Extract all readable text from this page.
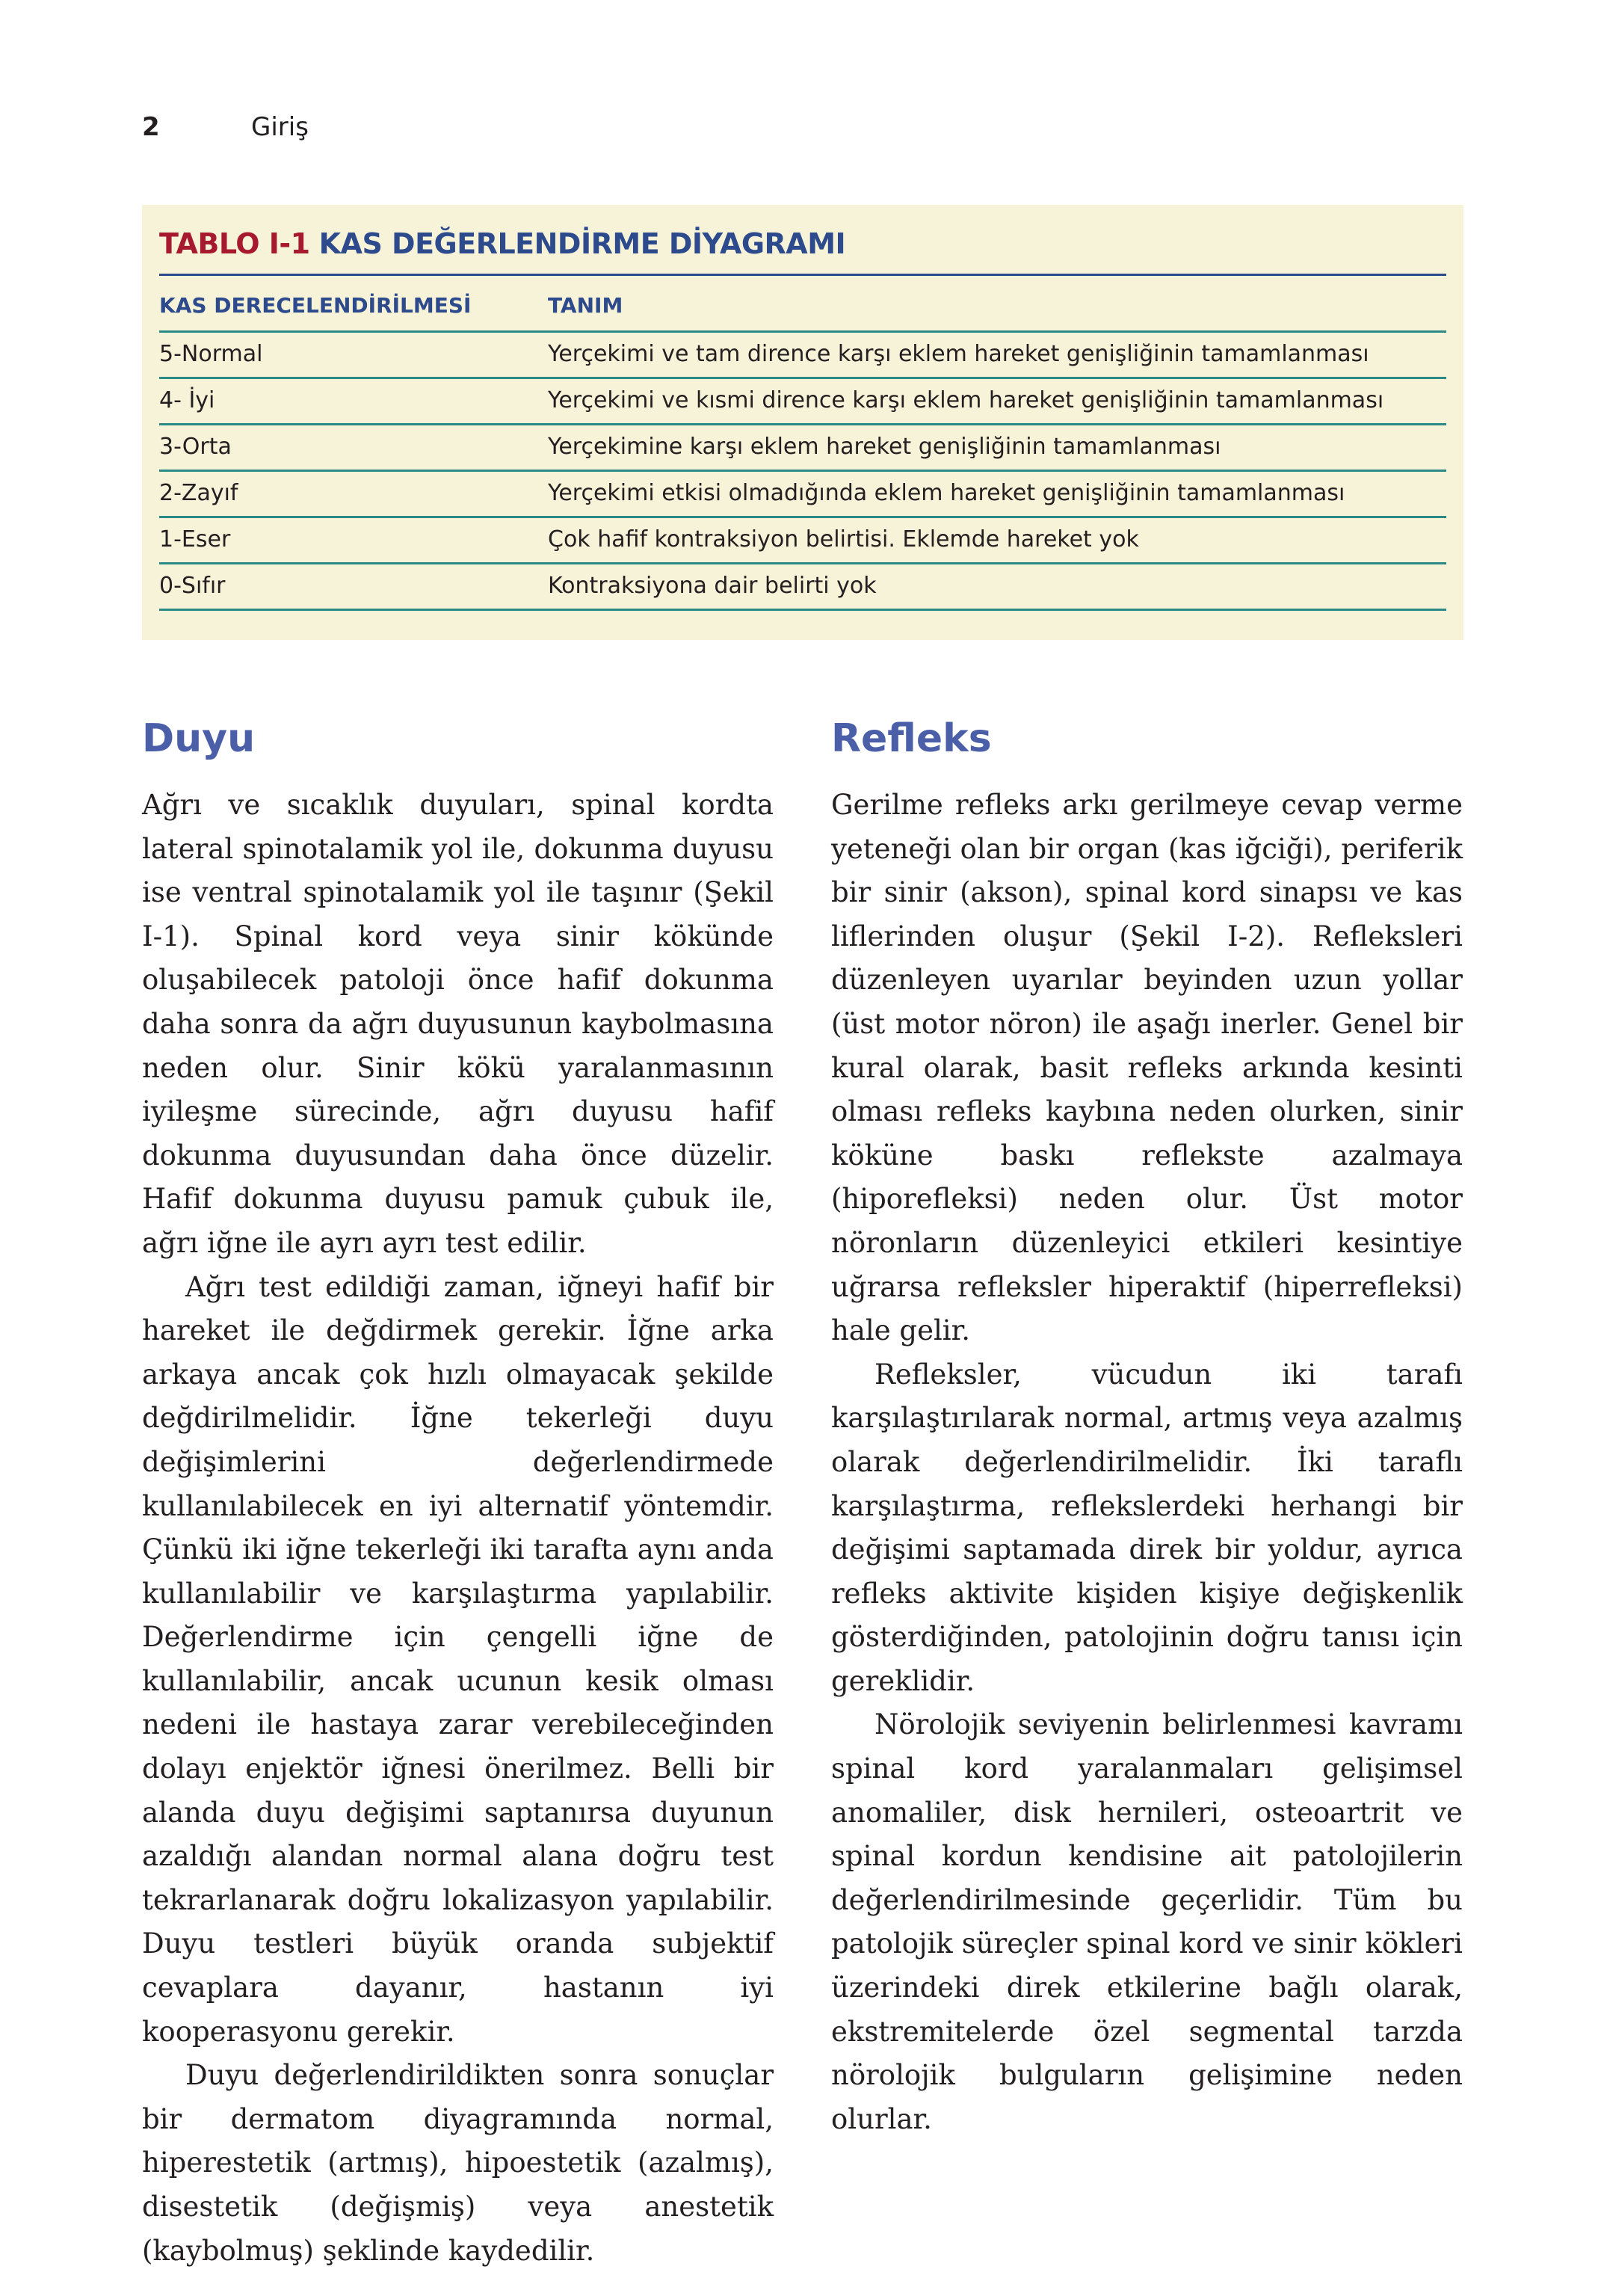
2	Giriş
TABLO I-1 KAS DEĞERLENDİRME DİYAGRAMI
KAS DERECELENDİRİLMESİ	TANIM
5-Normal	Yerçekimi ve tam dirence karşı eklem hareket genişliğinin tamamlanması
4- İyi	Yerçekimi ve kısmi dirence karşı eklem hareket genişliğinin tamamlanması
3-Orta	Yerçekimine karşı eklem hareket genişliğinin tamamlanması
2-Zayıf	Yerçekimi etkisi olmadığında eklem hareket genişliğinin tamamlanması
1-Eser	Çok hafif kontraksiyon belirtisi. Eklemde hareket yok
0-Sıfır	Kontraksiyona dair belirti yok
Duyu	Refleks

Ağrı ve sıcaklık duyuları, spinal kordta lateral spinotalamik yol ile, dokunma duyusu ise ventral spinotalamik yol ile taşınır (Şekil I-1). Spinal kord veya sinir kökünde oluşabilecek patoloji önce hafif dokunma daha sonra da ağrı duyusunun kaybolmasına neden olur. Sinir kökü yaralanmasının iyileşme sürecinde, ağrı duyusu hafif dokunma duyusundan daha önce düzelir. Hafif dokunma duyusu pamuk çubuk ile, ağrı iğne ile ayrı ayrı test edilir.

Ağrı test edildiği zaman, iğneyi hafif bir hareket ile değdirmek gerekir. İğne arka arkaya ancak çok hızlı olmayacak şekilde değdirilmelidir. İğne tekerleği duyu değişimlerini değerlendirmede kullanılabilecek en iyi alternatif yöntemdir. Çünkü iki iğne tekerleği iki tarafta aynı anda kullanılabilir ve karşılaştırma yapılabilir. Değerlendirme için çengelli iğne de kullanılabilir, ancak ucunun kesik olması nedeni ile hastaya zarar verebileceğinden dolayı enjektör iğnesi önerilmez. Belli bir alanda duyu değişimi saptanırsa duyunun azaldığı alandan normal alana doğru test tekrarlanarak doğru lokalizasyon yapılabilir. Duyu testleri büyük oranda subjektif cevaplara dayanır, hastanın iyi kooperasyonu gerekir.

Duyu değerlendirildikten sonra sonuçlar bir dermatom diyagramında normal, hiperestetik (artmış), hipoestetik (azalmış), disestetik (değişmiş) veya anestetik (kaybolmuş) şeklinde kaydedilir.

Gerilme refleks arkı gerilmeye cevap verme yeteneği olan bir organ (kas iğciği), periferik bir sinir (akson), spinal kord sinapsı ve kas liflerinden oluşur (Şekil I-2). Refleksleri düzenleyen uyarılar beyinden uzun yollar (üst motor nöron) ile aşağı inerler. Genel bir kural olarak, basit refleks arkında kesinti olması refleks kaybına neden olurken, sinir köküne baskı reflekste azalmaya (hiporefleksi) neden olur. Üst motor nöronların düzenleyici etkileri kesintiye uğrarsa refleksler hiperaktif (hiperrefleksi) hale gelir.

Refleksler, vücudun iki tarafı karşılaştırılarak normal, artmış veya azalmış olarak değerlendirilmelidir. İki taraflı karşılaştırma, reflekslerdeki herhangi bir değişimi saptamada direk bir yoldur, ayrıca refleks aktivite kişiden kişiye değişkenlik gösterdiğinden, patolojinin doğru tanısı için gereklidir.

Nörolojik seviyenin belirlenmesi kavramı spinal kord yaralanmaları gelişimsel anomaliler, disk hernileri, osteoartrit ve spinal kordun kendisine ait patolojilerin değerlendirilmesinde geçerlidir. Tüm bu patolojik süreçler spinal kord ve sinir kökleri üzerindeki direk etkilerine bağlı olarak, ekstremitelerde özel segmental tarzda nörolojik bulguların gelişimine neden olurlar.
